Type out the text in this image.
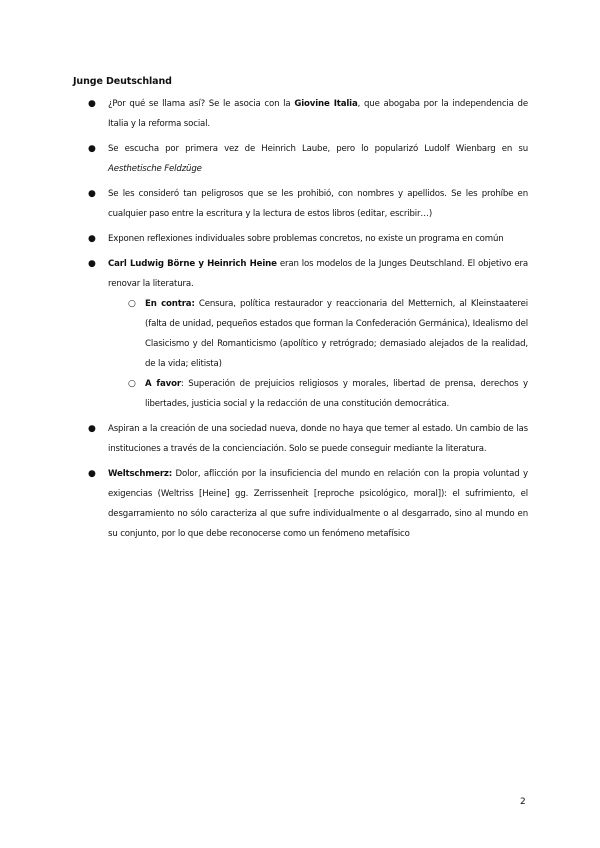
Junge Deutschland
● ¿Por qué se llama así? Se le asocia con la Giovine Italia, que abogaba por la independencia de Italia y la reforma social.
● Se escucha por primera vez de Heinrich Laube, pero lo popularizó Ludolf Wienbarg en su Aesthetische Feldzüge
● Se les consideró tan peligrosos que se les prohibió, con nombres y apellidos. Se les prohíbe en cualquier paso entre la escritura y la lectura de estos libros (editar, escribir…)
● Exponen reflexiones individuales sobre problemas concretos, no existe un programa en común
● Carl Ludwig Börne y Heinrich Heine eran los modelos de la Junges Deutschland. El objetivo era renovar la literatura.
○ En contra: Censura, política restaurador y reaccionaria del Metternich, al Kleinstaaterei (falta de unidad, pequeños estados que forman la Confederación Germánica), Idealismo del Clasicismo y del Romanticismo (apolítico y retrógrado; demasiado alejados de la realidad, de la vida; elitista)
○ A favor: Superación de prejuicios religiosos y morales, libertad de prensa, derechos y libertades, justicia social y la redacción de una constitución democrática.
● Aspiran a la creación de una sociedad nueva, donde no haya que temer al estado. Un cambio de las instituciones a través de la concienciación. Solo se puede conseguir mediante la literatura.
● Weltschmerz: Dolor, aflicción por la insuficiencia del mundo en relación con la propia voluntad y exigencias (Weltriss [Heine] gg. Zerrissenheit [reproche psicológico, moral]): el sufrimiento, el desgarramiento no sólo caracteriza al que sufre individualmente o al desgarrado, sino al mundo en su conjunto, por lo que debe reconocerse como un fenómeno metafísico
2
